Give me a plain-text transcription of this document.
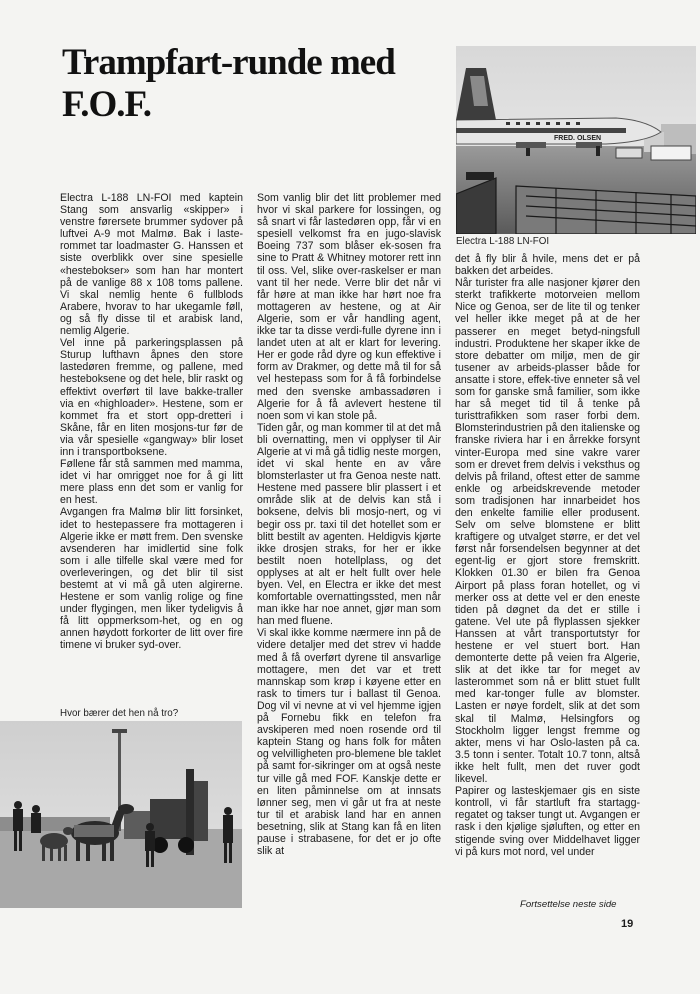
Trampfart-runde med F.O.F.
FRED. OLSEN
Electra L-188 LN-FOI
Electra L-188 LN-FOI med kaptein Stang som ansvarlig «skipper» i venstre førersete brummer sydover på luftvei A-9 mot Malmø. Bak i laste-rommet tar loadmaster G. Hanssen et siste overblikk over sine spesielle «hestebokser» som han har montert på de vanlige 88 x 108 toms pallene. Vi skal nemlig hente 6 fullblods Arabere, hvorav to har ukegamle føll, og så fly disse til et arabisk land, nemlig Algerie.
Vel inne på parkeringsplassen på Sturup lufthavn åpnes den store lastedøren fremme, og pallene, med hesteboksene og det hele, blir raskt og effektivt overført til lave bakke-traller via en «highloader». Hestene, som er kommet fra et stort opp-dretteri i Skåne, får en liten mosjons-tur før de via vår spesielle «gangway» blir loset inn i transportboksene.
Føllene får stå sammen med mamma, idet vi har omrigget noe for å gi litt mere plass enn det som er vanlig for en hest.
Avgangen fra Malmø blir litt forsinket, idet to hestepassere fra mottageren i Algerie ikke er møtt frem. Den svenske avsenderen har imidlertid sine folk som i alle tilfelle skal være med for overleveringen, og det blir til sist bestemt at vi må gå uten algirerne. Hestene er som vanlig rolige og fine under flygingen, men liker tydeligvis å få litt oppmerksom-het, og en og annen høydott forkorter de litt over fire timene vi bruker syd-over.
Som vanlig blir det litt problemer med hvor vi skal parkere for lossingen, og så snart vi får lastedøren opp, får vi en spesiell velkomst fra en jugo-slavisk Boeing 737 som blåser ek-sosen fra sine to Pratt & Whitney motorer rett inn til oss. Vel, slike over-raskelser er man vant til her nede. Verre blir det når vi får høre at man ikke har hørt noe fra mottageren av hestene, og at Air Algerie, som er vår handling agent, ikke tar ta disse verdi-fulle dyrene inn i landet uten at alt er klart for levering. Her er gode råd dyre og kun effektive i form av Drakmer, og dette må til for så vel hestepass som for å få forbindelse med den svenske ambassadøren i Algerie for å få avlevert hestene til noen som vi kan stole på.
Tiden går, og man kommer til at det må bli overnatting, men vi opplyser til Air Algerie at vi må gå tidlig neste morgen, idet vi skal hente en av våre blomsterlaster ut fra Genoa neste natt. Hestene med passere blir plassert i et område slik at de delvis kan stå i boksene, delvis bli mosjo-nert, og vi begir oss pr. taxi til det hotellet som er blitt bestilt av agenten. Heldigvis kjørte ikke drosjen straks, for her er ikke bestilt noen hotellplass, og det opplyses at alt er helt fullt over hele byen. Vel, en Electra er ikke det mest komfortable overnattingssted, men når man ikke har noe annet, gjør man som han med fluene.
Vi skal ikke komme nærmere inn på de videre detaljer med det strev vi hadde med å få overført dyrene til ansvarlige mottagere, men det var et trett mannskap som krøp i køyene etter en rask to timers tur i ballast til Genoa. Dog vil vi nevne at vi vel hjemme igjen på Fornebu fikk en telefon fra avskiperen med noen rosende ord til kaptein Stang og hans folk for måten og velvilligheten pro-blemene ble taklet på samt for-sikringer om at også neste tur ville gå med FOF. Kanskje dette er en liten påminnelse om at innsats lønner seg, men vi går ut fra at neste tur til et arabisk land har en annen besetning, slik at Stang kan få en liten pause i strabasene, for det er jo ofte slik at
det å fly blir å hvile, mens det er på bakken det arbeides.
Når turister fra alle nasjoner kjører den sterkt trafikkerte motorveien mellom Nice og Genoa, ser de lite til og tenker vel heller ikke meget på at de her passerer en meget betyd-ningsfull industri. Produktene her skaper ikke de store debatter om miljø, men de gir tusener av arbeids-plasser både for ansatte i store, effek-tive enneter så vel som for ganske små familier, som ikke har så meget tid til å tenke på turisttrafikken som raser forbi dem. Blomsterindustrien på den italienske og franske riviera har i en årrekke forsynt vinter-Europa med sine vakre varer som er drevet frem delvis i veksthus og delvis på friland, oftest etter de samme enkle og arbeidskrevende metoder som tradisjonen har innarbeidet hos den enkelte familie eller produsent. Selv om selve blomstene er blitt kraftigere og utvalget større, er det vel først når forsendelsen begynner at det egent-lig er gjort store fremskritt. Klokken 01.30 er bilen fra Genoa Airport på plass foran hotellet, og vi merker oss at dette vel er den eneste tiden på døgnet da det er stille i gatene. Vel ute på flyplassen sjekker Hanssen at vårt transportutstyr for hestene er vel stuert bort. Han demonterte dette på veien fra Algerie, slik at det ikke tar for meget av lasterommet som nå er blitt stuet fullt med kar-tonger fulle av blomster. Lasten er nøye fordelt, slik at det som skal til Malmø, Helsingfors og Stockholm ligger lengst fremme og akter, mens vi har Oslo-lasten på ca. 3.5 tonn i senter. Totalt 10.7 tonn, altså ikke helt fullt, men det ruver godt likevel.
Papirer og lasteskjemaer gis en siste kontroll, vi får startluft fra startagg-regatet og takser tungt ut. Avgangen er rask i den kjølige sjøluften, og etter en stigende sving over Middelhavet ligger vi på kurs mot nord, vel under
Hvor bærer det hen nå tro?
Fortsettelse neste side
19
